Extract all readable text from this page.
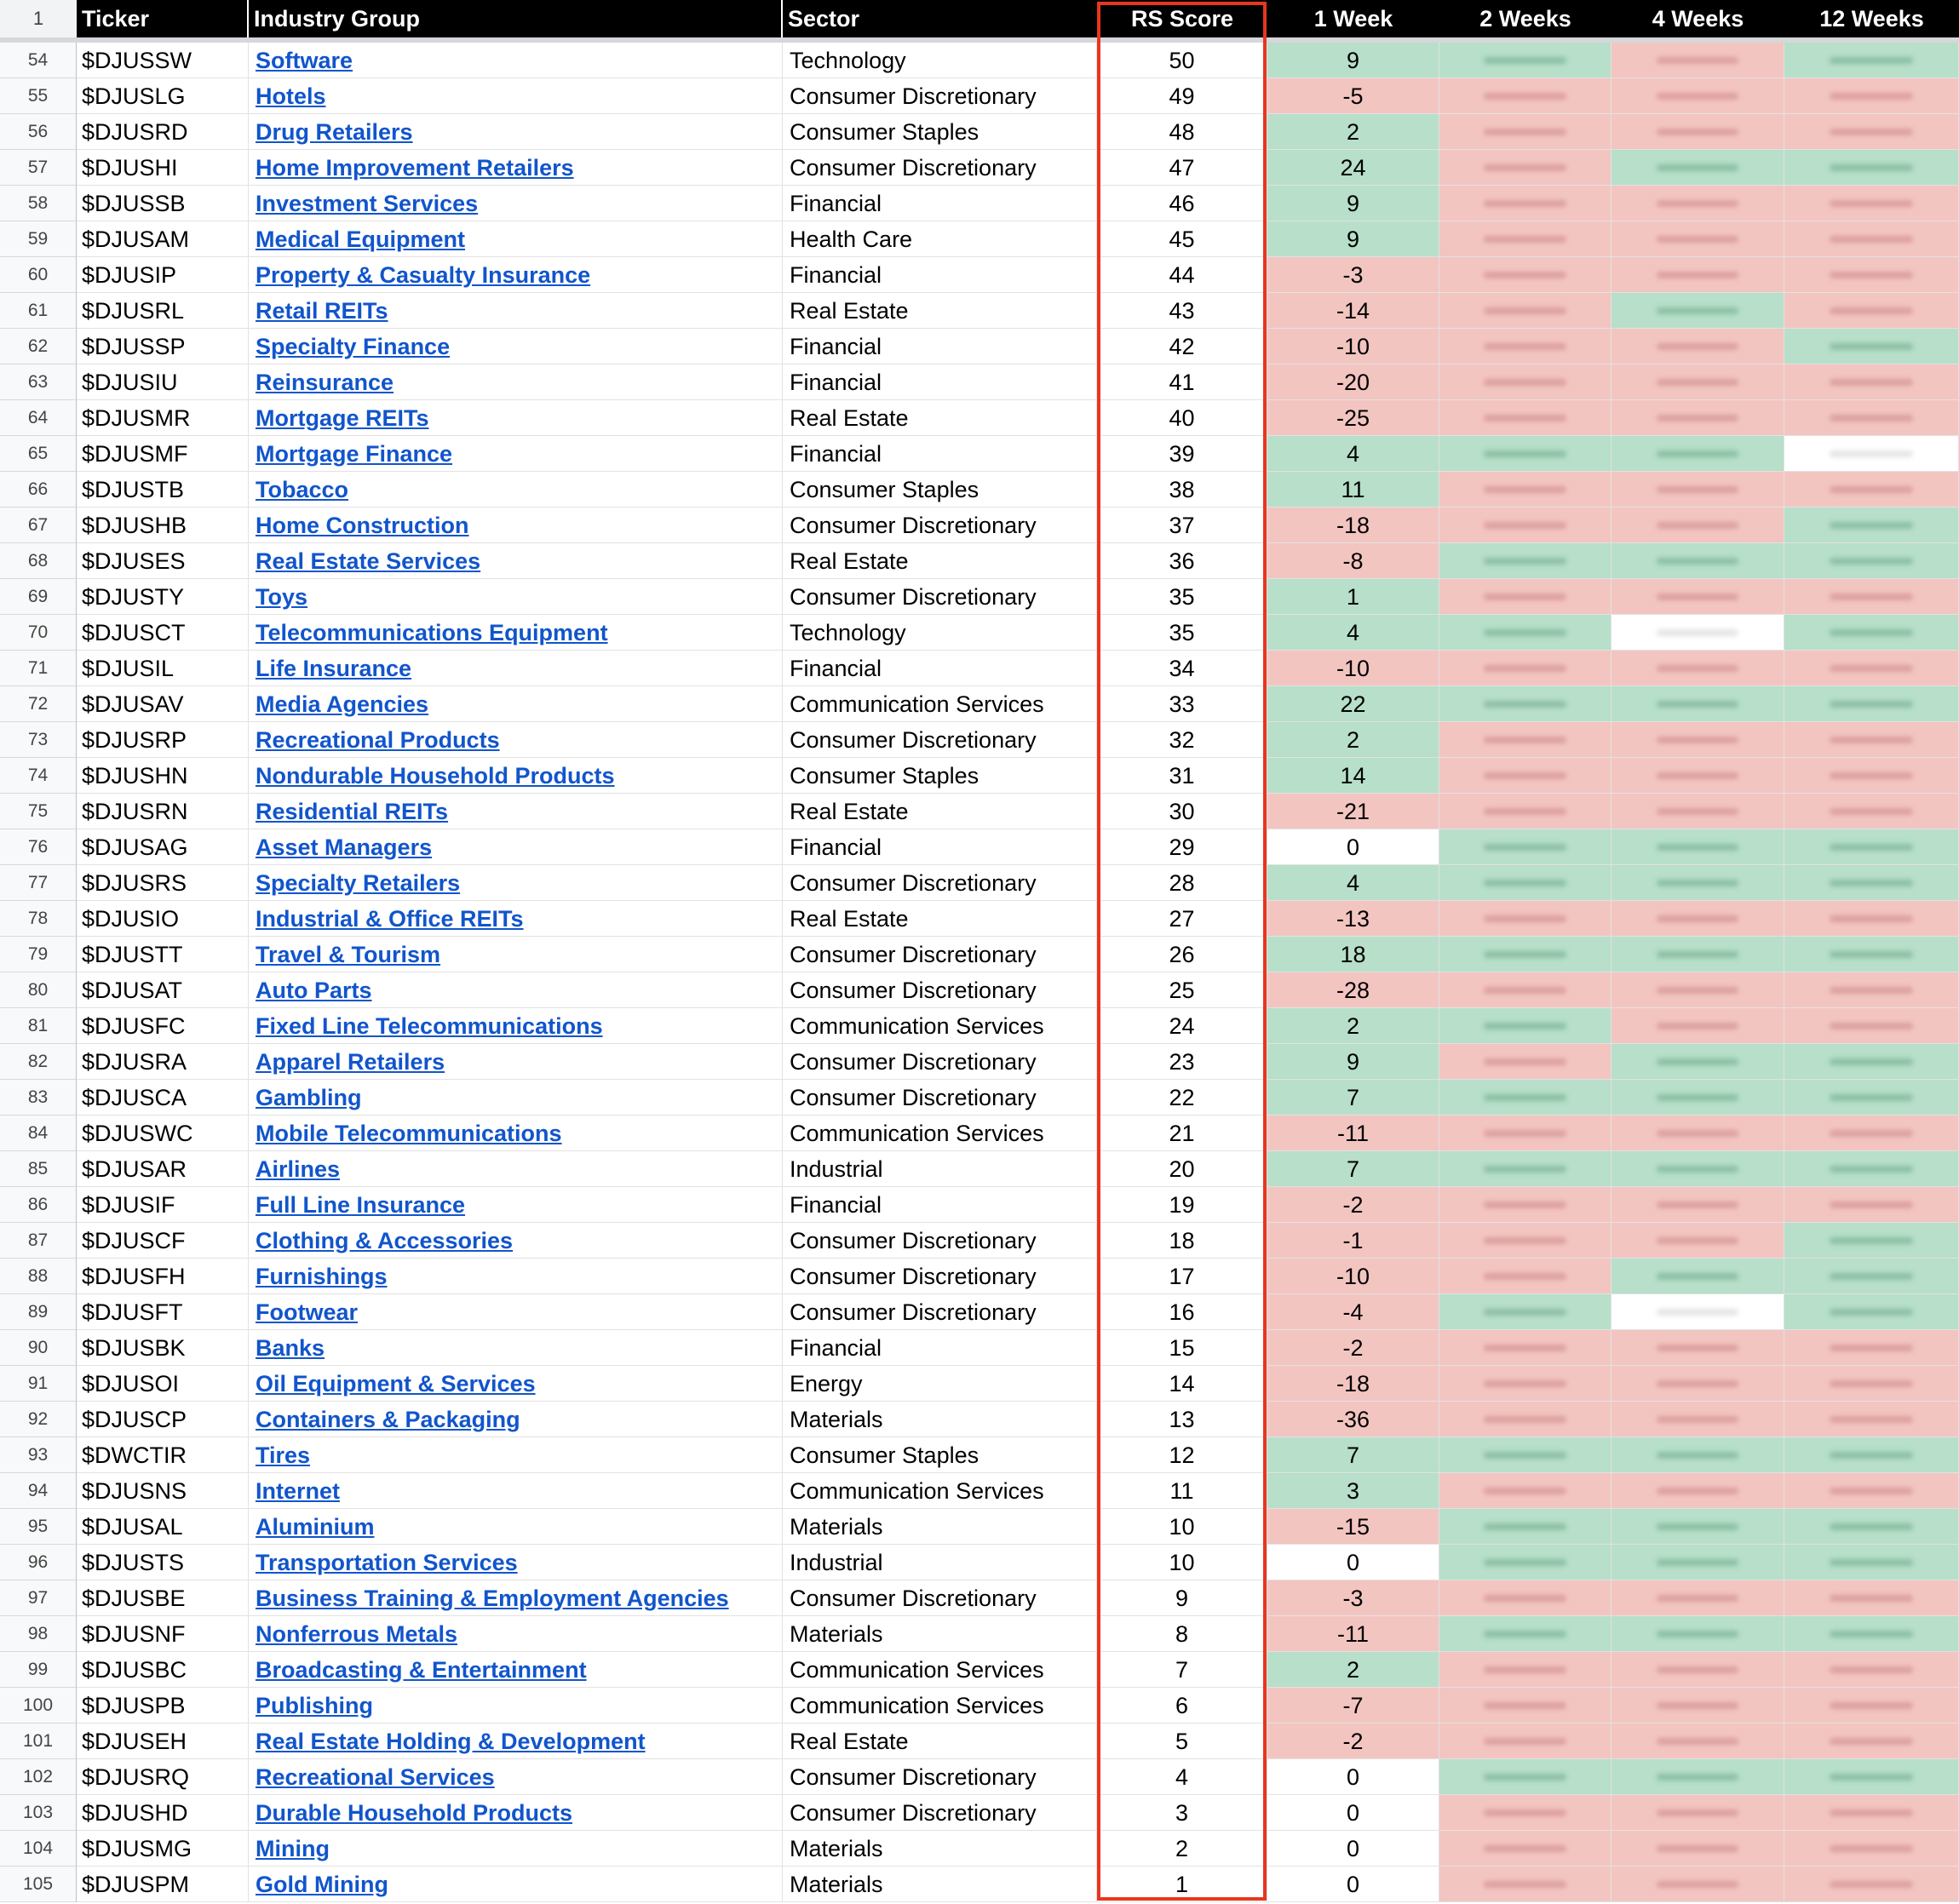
1	Ticker	Industry Group	Sector	RS Score	1 Week	2 Weeks	4 Weeks	12 Weeks
54	$DJUSSW	Software	Technology	50	9
55	$DJUSLG	Hotels	Consumer Discretionary	49	-5
56	$DJUSRD	Drug Retailers	Consumer Staples	48	2
57	$DJUSHI	Home Improvement Retailers	Consumer Discretionary	47	24
58	$DJUSSB	Investment Services	Financial	46	9
59	$DJUSAM	Medical Equipment	Health Care	45	9
60	$DJUSIP	Property & Casualty Insurance	Financial	44	-3
61	$DJUSRL	Retail REITs	Real Estate	43	-14
62	$DJUSSP	Specialty Finance	Financial	42	-10
63	$DJUSIU	Reinsurance	Financial	41	-20
64	$DJUSMR	Mortgage REITs	Real Estate	40	-25
65	$DJUSMF	Mortgage Finance	Financial	39	4
66	$DJUSTB	Tobacco	Consumer Staples	38	11
67	$DJUSHB	Home Construction	Consumer Discretionary	37	-18
68	$DJUSES	Real Estate Services	Real Estate	36	-8
69	$DJUSTY	Toys	Consumer Discretionary	35	1
70	$DJUSCT	Telecommunications Equipment	Technology	35	4
71	$DJUSIL	Life Insurance	Financial	34	-10
72	$DJUSAV	Media Agencies	Communication Services	33	22
73	$DJUSRP	Recreational Products	Consumer Discretionary	32	2
74	$DJUSHN	Nondurable Household Products	Consumer Staples	31	14
75	$DJUSRN	Residential REITs	Real Estate	30	-21
76	$DJUSAG	Asset Managers	Financial	29	0
77	$DJUSRS	Specialty Retailers	Consumer Discretionary	28	4
78	$DJUSIO	Industrial & Office REITs	Real Estate	27	-13
79	$DJUSTT	Travel & Tourism	Consumer Discretionary	26	18
80	$DJUSAT	Auto Parts	Consumer Discretionary	25	-28
81	$DJUSFC	Fixed Line Telecommunications	Communication Services	24	2
82	$DJUSRA	Apparel Retailers	Consumer Discretionary	23	9
83	$DJUSCA	Gambling	Consumer Discretionary	22	7
84	$DJUSWC	Mobile Telecommunications	Communication Services	21	-11
85	$DJUSAR	Airlines	Industrial	20	7
86	$DJUSIF	Full Line Insurance	Financial	19	-2
87	$DJUSCF	Clothing & Accessories	Consumer Discretionary	18	-1
88	$DJUSFH	Furnishings	Consumer Discretionary	17	-10
89	$DJUSFT	Footwear	Consumer Discretionary	16	-4
90	$DJUSBK	Banks	Financial	15	-2
91	$DJUSOI	Oil Equipment & Services	Energy	14	-18
92	$DJUSCP	Containers & Packaging	Materials	13	-36
93	$DWCTIR	Tires	Consumer Staples	12	7
94	$DJUSNS	Internet	Communication Services	11	3
95	$DJUSAL	Aluminium	Materials	10	-15
96	$DJUSTS	Transportation Services	Industrial	10	0
97	$DJUSBE	Business Training & Employment Agencies	Consumer Discretionary	9	-3
98	$DJUSNF	Nonferrous Metals	Materials	8	-11
99	$DJUSBC	Broadcasting & Entertainment	Communication Services	7	2
100	$DJUSPB	Publishing	Communication Services	6	-7
101	$DJUSEH	Real Estate Holding & Development	Real Estate	5	-2
102	$DJUSRQ	Recreational Services	Consumer Discretionary	4	0
103	$DJUSHD	Durable Household Products	Consumer Discretionary	3	0
104	$DJUSMG	Mining	Materials	2	0
105	$DJUSPM	Gold Mining	Materials	1	0
